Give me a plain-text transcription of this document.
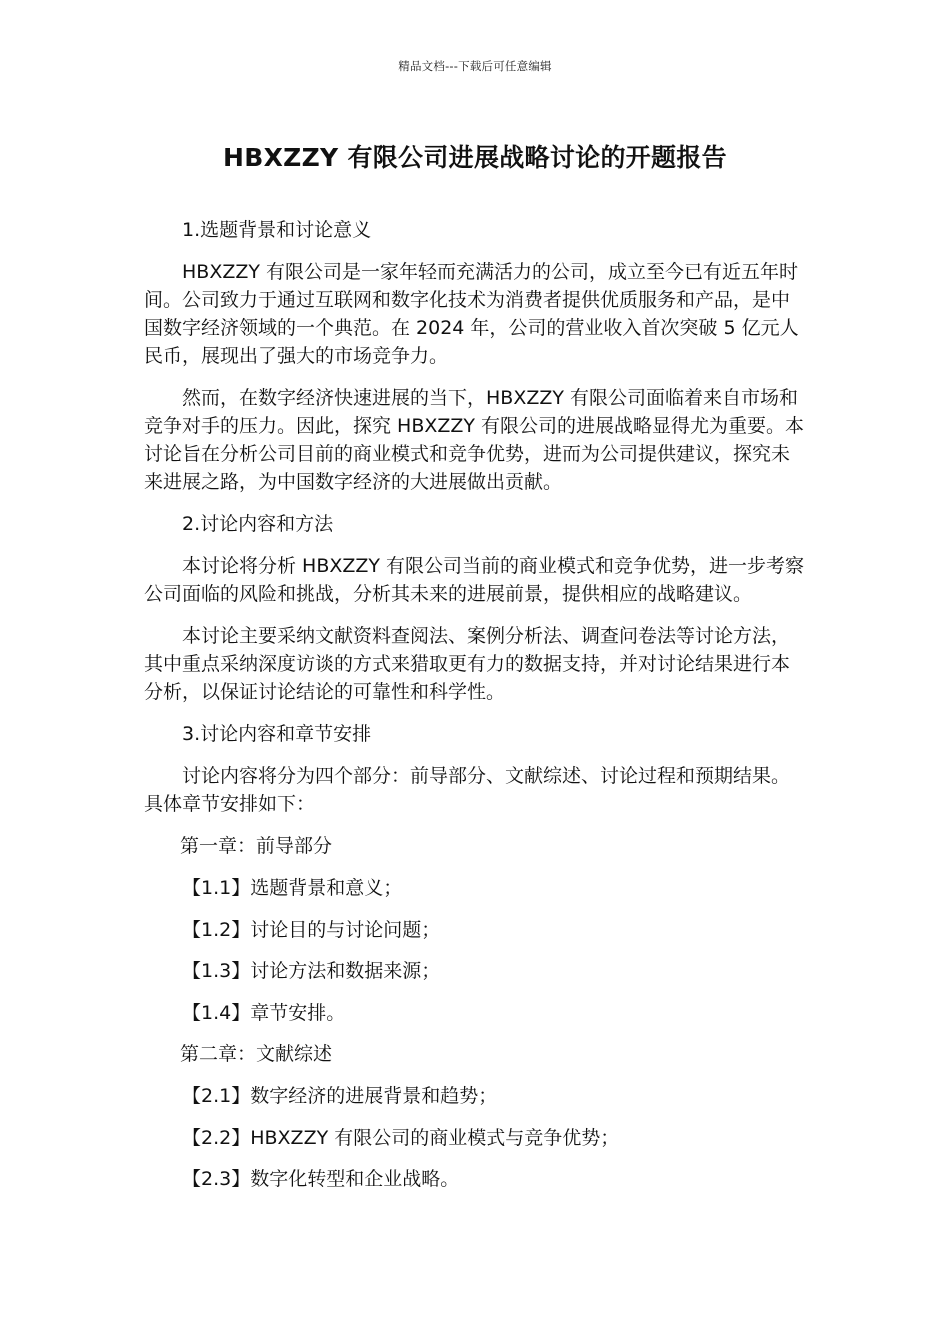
精品文档---下载后可任意编辑
HBXZZY 有限公司进展战略讨论的开题报告

1.选题背景和讨论意义

HBXZZY 有限公司是一家年轻而充满活力的公司，成立至今已有近五年时间。公司致力于通过互联网和数字化技术为消费者提供优质服务和产品，是中国数字经济领域的一个典范。在 2024 年，公司的营业收入首次突破 5 亿元人民币，展现出了强大的市场竞争力。

然而，在数字经济快速进展的当下，HBXZZY 有限公司面临着来自市场和竞争对手的压力。因此，探究 HBXZZY 有限公司的进展战略显得尤为重要。本讨论旨在分析公司目前的商业模式和竞争优势，进而为公司提供建议，探究未来进展之路，为中国数字经济的大进展做出贡献。

2.讨论内容和方法

本讨论将分析 HBXZZY 有限公司当前的商业模式和竞争优势，进一步考察公司面临的风险和挑战，分析其未来的进展前景，提供相应的战略建议。

本讨论主要采纳文献资料查阅法、案例分析法、调查问卷法等讨论方法，其中重点采纳深度访谈的方式来猎取更有力的数据支持，并对讨论结果进行本分析，以保证讨论结论的可靠性和科学性。

3.讨论内容和章节安排

讨论内容将分为四个部分：前导部分、文献综述、讨论过程和预期结果。具体章节安排如下：

第一章：前导部分

【1.1】选题背景和意义；

【1.2】讨论目的与讨论问题；

【1.3】讨论方法和数据来源；

【1.4】章节安排。

第二章：文献综述

【2.1】数字经济的进展背景和趋势；

【2.2】HBXZZY 有限公司的商业模式与竞争优势；

【2.3】数字化转型和企业战略。
